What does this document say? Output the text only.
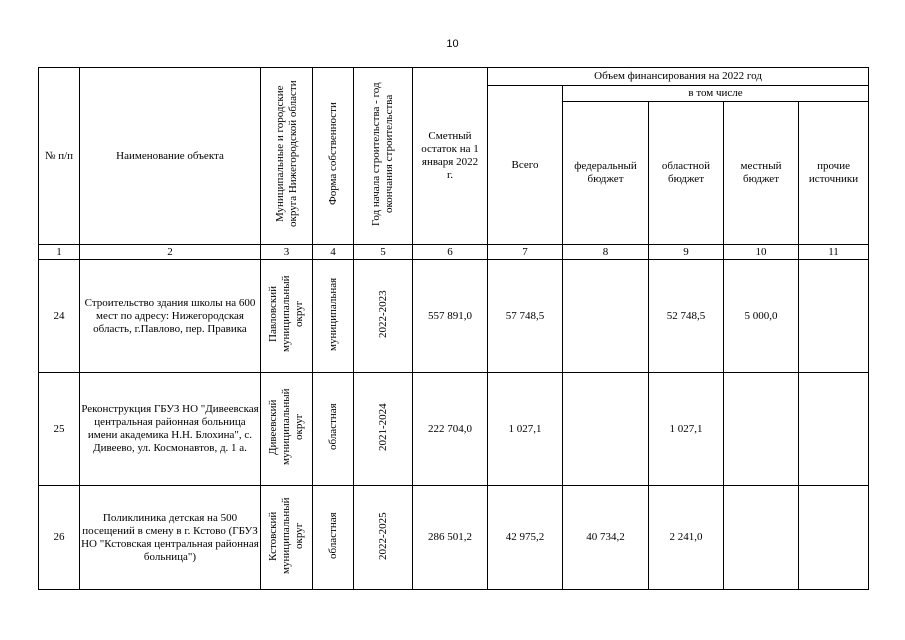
10
№ п/п	Наименование объекта	Муниципальные и городские округа Нижегородской области	Форма собственности	Год начала строительства - год окончания строительства	Сметный остаток на 1 января 2022 г.	Объем финансирования на 2022 год				
						Всего	в том числе			
							федеральный бюджет	областной бюджет	местный бюджет	прочие источники
1	2	3	4	5	6	7	8	9	10	11
24	Строительство здания школы на 600 мест по адресу: Нижегородская область, г.Павлово, пер. Правика	Павловский муниципальный округ	муниципальная	2022-2023	557 891,0	57 748,5		52 748,5	5 000,0	
25	Реконструкция ГБУЗ НО "Дивеевская центральная районная больница имени академика Н.Н. Блохина", с. Дивеево, ул. Космонавтов, д. 1 а.	Дивеевский муниципальный округ	областная	2021-2024	222 704,0	1 027,1		1 027,1		
26	Поликлиника детская на 500 посещений в смену в г. Кстово (ГБУЗ НО "Кстовская центральная районная больница")	Кстовский муниципальный округ	областная	2022-2025	286 501,2	42 975,2	40 734,2	2 241,0		
